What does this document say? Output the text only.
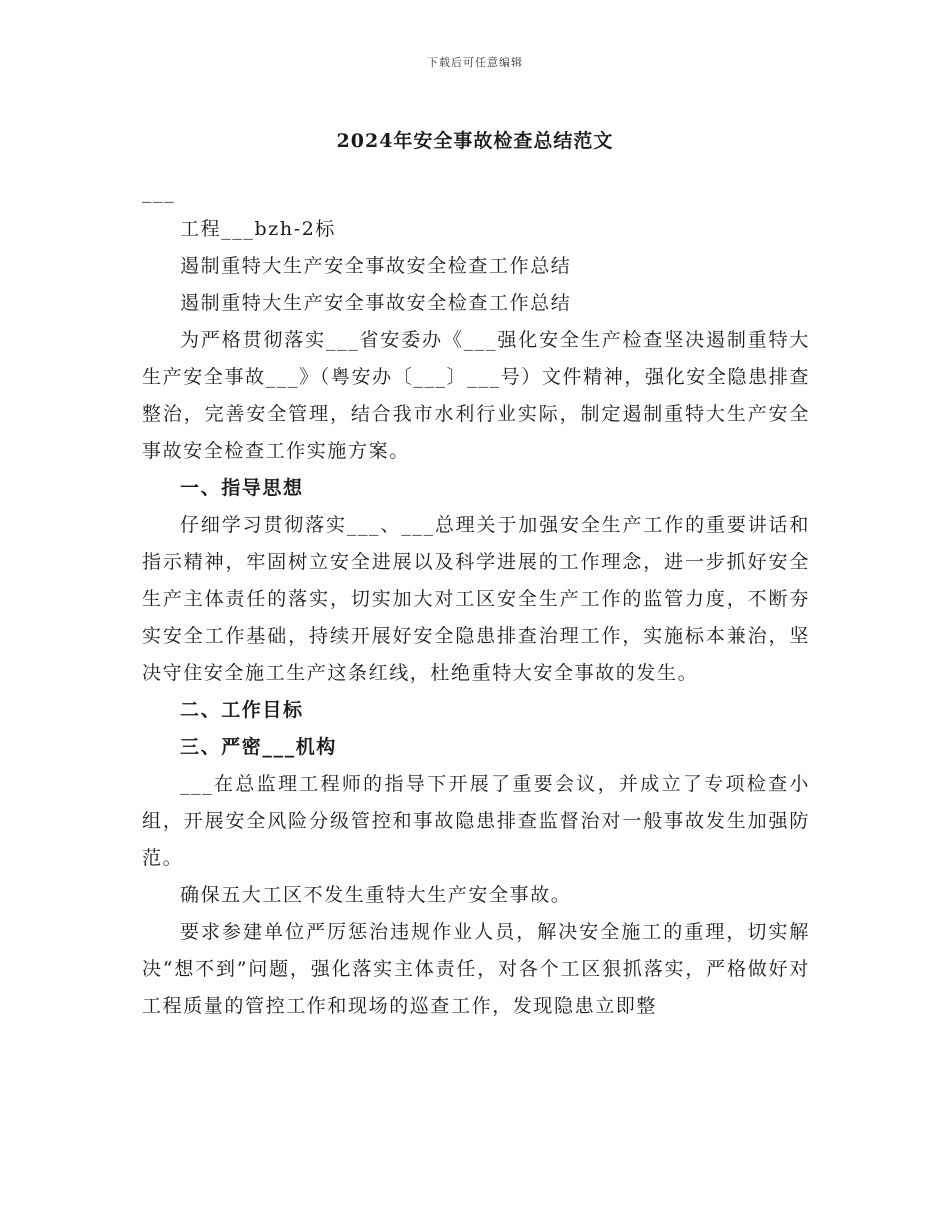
下载后可任意编辑
2024年安全事故检查总结范文

___

工程___bzh-2标

遏制重特大生产安全事故安全检查工作总结

遏制重特大生产安全事故安全检查工作总结

为严格贯彻落实___省安委办《___强化安全生产检查坚决遏制重特大生产安全事故___》（粤安办〔___〕___号）文件精神，强化安全隐患排查整治，完善安全管理，结合我市水利行业实际，制定遏制重特大生产安全事故安全检查工作实施方案。

一、指导思想

仔细学习贯彻落实___、___总理关于加强安全生产工作的重要讲话和指示精神，牢固树立安全进展以及科学进展的工作理念，进一步抓好安全生产主体责任的落实，切实加大对工区安全生产工作的监管力度，不断夯实安全工作基础，持续开展好安全隐患排查治理工作，实施标本兼治，坚决守住安全施工生产这条红线，杜绝重特大安全事故的发生。

二、工作目标

三、严密___机构

___在总监理工程师的指导下开展了重要会议，并成立了专项检查小组，开展安全风险分级管控和事故隐患排查监督治对一般事故发生加强防范。

确保五大工区不发生重特大生产安全事故。

要求参建单位严厉惩治违规作业人员，解决安全施工的重理，切实解决“想不到”问题，强化落实主体责任，对各个工区狠抓落实，严格做好对工程质量的管控工作和现场的巡查工作，发现隐患立即整
